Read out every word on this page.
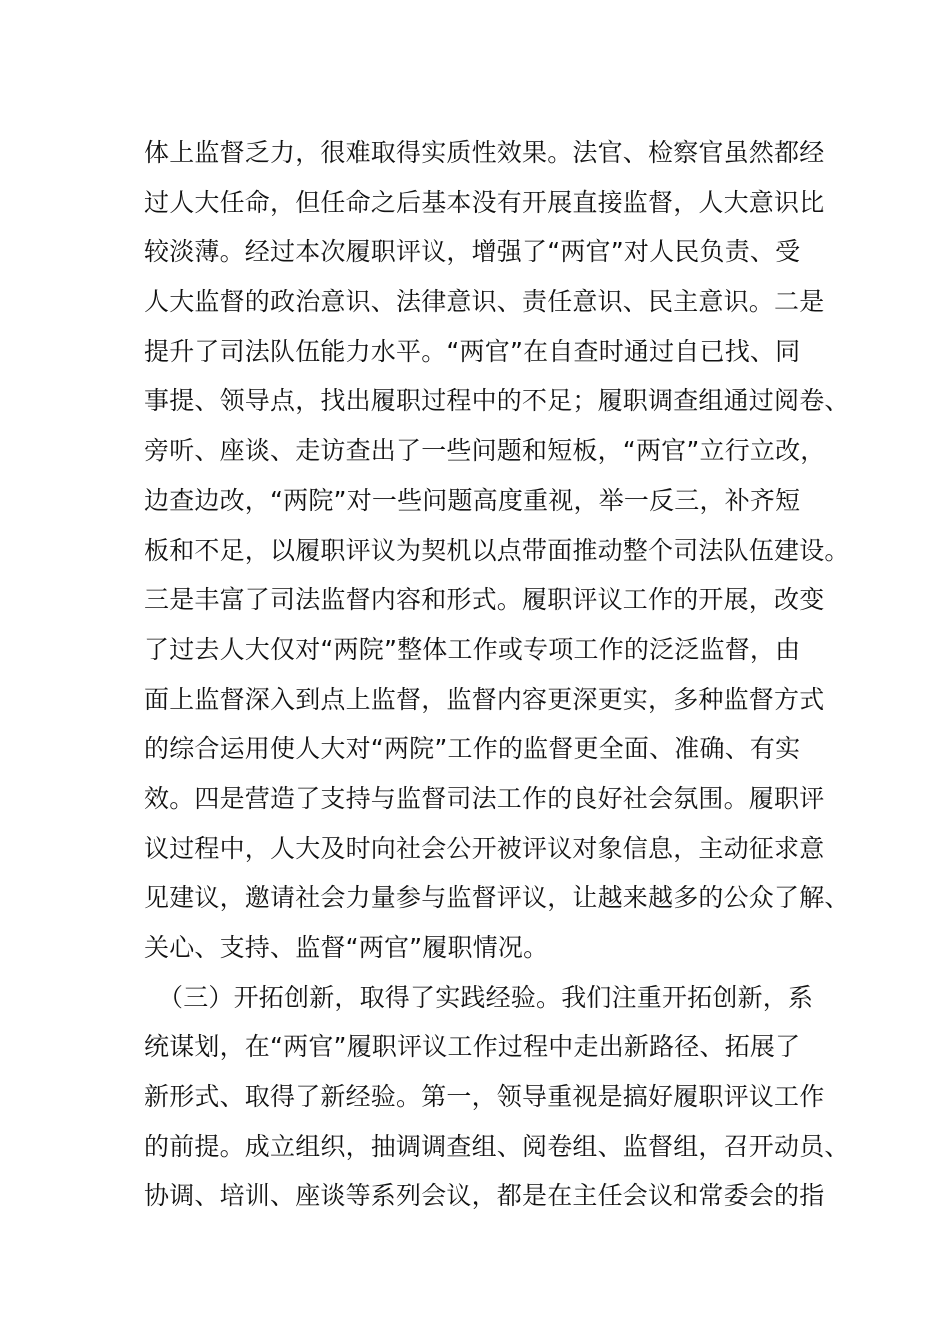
体上监督乏力，很难取得实质性效果。法官、检察官虽然都经
过人大任命，但任命之后基本没有开展直接监督，人大意识比
较淡薄。经过本次履职评议，增强了“两官”对人民负责、受
人大监督的政治意识、法律意识、责任意识、民主意识。二是
提升了司法队伍能力水平。“两官”在自查时通过自已找、同
事提、领导点，找出履职过程中的不足；履职调查组通过阅卷、
旁听、座谈、走访查出了一些问题和短板，“两官”立行立改，
边查边改，“两院”对一些问题高度重视，举一反三，补齐短
板和不足，以履职评议为契机以点带面推动整个司法队伍建设。
三是丰富了司法监督内容和形式。履职评议工作的开展，改变
了过去人大仅对“两院”整体工作或专项工作的泛泛监督，由
面上监督深入到点上监督，监督内容更深更实，多种监督方式
的综合运用使人大对“两院”工作的监督更全面、准确、有实
效。四是营造了支持与监督司法工作的良好社会氛围。履职评
议过程中，人大及时向社会公开被评议对象信息，主动征求意
见建议，邀请社会力量参与监督评议，让越来越多的公众了解、
关心、支持、监督“两官”履职情况。
（三）开拓创新，取得了实践经验。我们注重开拓创新，系
统谋划，在“两官”履职评议工作过程中走出新路径、拓展了
新形式、取得了新经验。第一，领导重视是搞好履职评议工作
的前提。成立组织，抽调调查组、阅卷组、监督组，召开动员、
协调、培训、座谈等系列会议，都是在主任会议和常委会的指
